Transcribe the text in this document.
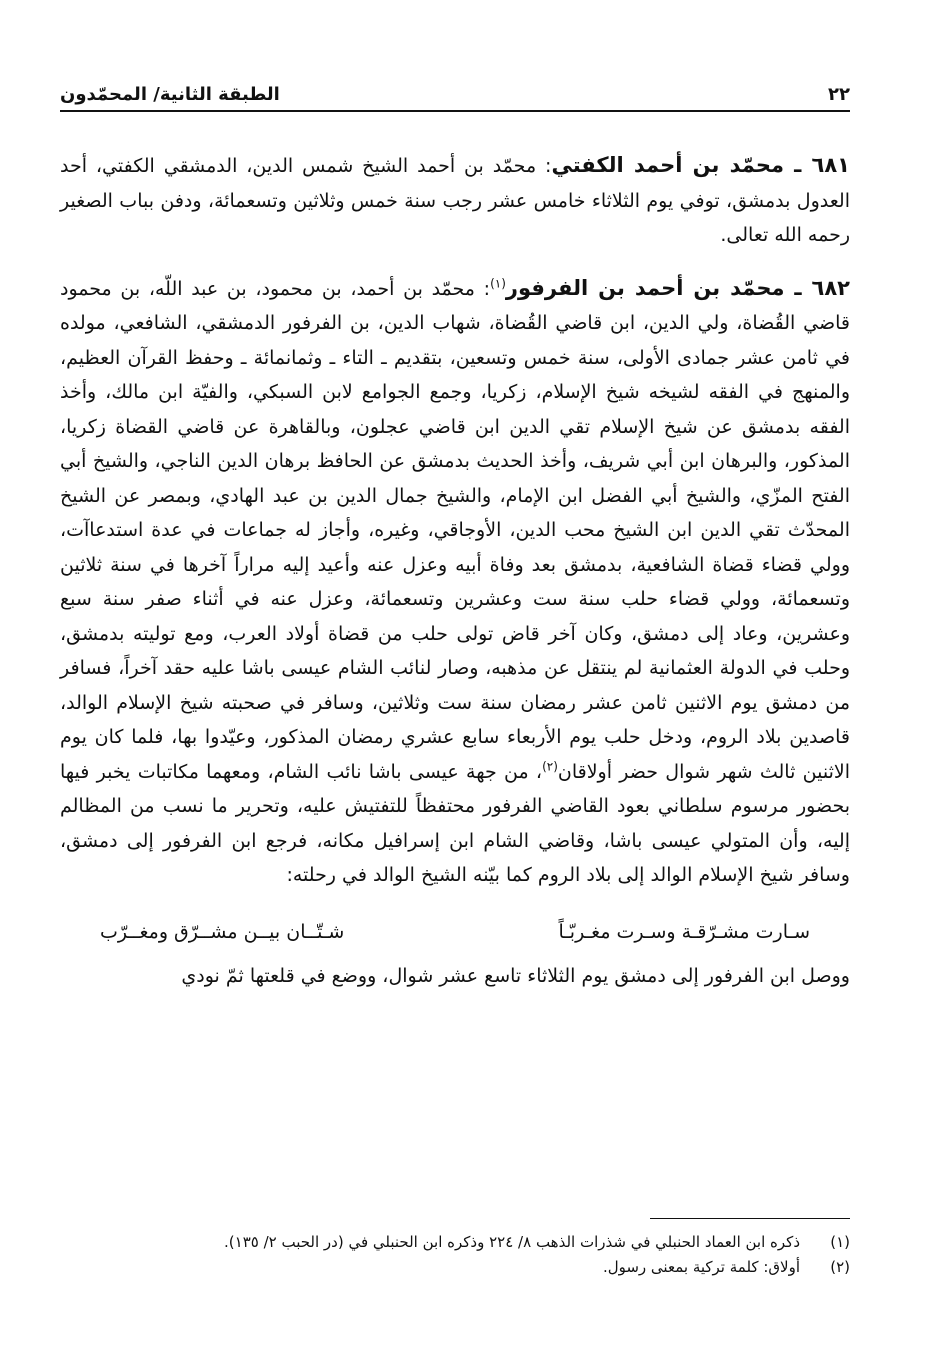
٢٢
الطبقة الثانية/ المحمّدون

٦٨١ ـ محمّد بن أحمد الكفتي: محمّد بن أحمد الشيخ شمس الدين، الدمشقي الكفتي، أحد العدول بدمشق، توفي يوم الثلاثاء خامس عشر رجب سنة خمس وثلاثين وتسعمائة، ودفن بباب الصغير رحمه الله تعالى.

٦٨٢ ـ محمّد بن أحمد بن الفرفور$^{(١)}$: محمّد بن أحمد، بن محمود، بن عبد اللّه، بن محمود قاضي القُضاة، ولي الدين، ابن قاضي القُضاة، شهاب الدين، بن الفرفور الدمشقي، الشافعي، مولده في ثامن عشر جمادى الأولى، سنة خمس وتسعين، بتقديم ـ التاء ـ وثمانمائة ـ وحفظ القرآن العظيم، والمنهج في الفقه لشيخه شيخ الإسلام، زكريا، وجمع الجوامع لابن السبكي، والفيّة ابن مالك، وأخذ الفقه بدمشق عن شيخ الإسلام تقي الدين ابن قاضي عجلون، وبالقاهرة عن قاضي القضاة زكريا، المذكور، والبرهان ابن أبي شريف، وأخذ الحديث بدمشق عن الحافظ برهان الدين الناجي، والشيخ أبي الفتح المزّي، والشيخ أبي الفضل ابن الإمام، والشيخ جمال الدين بن عبد الهادي، وبمصر عن الشيخ المحدّث تقي الدين ابن الشيخ محب الدين، الأوجاقي، وغيره، وأجاز له جماعات في عدة استدعاآت، وولي قضاء قضاة الشافعية، بدمشق بعد وفاة أبيه وعزل عنه وأعيد إليه مراراً آخرها في سنة ثلاثين وتسعمائة، وولي قضاء حلب سنة ست وعشرين وتسعمائة، وعزل عنه في أثناء صفر سنة سبع وعشرين، وعاد إلى دمشق، وكان آخر قاض تولى حلب من قضاة أولاد العرب، ومع توليته بدمشق، وحلب في الدولة العثمانية لم ينتقل عن مذهبه، وصار لنائب الشام عيسى باشا عليه حقد آخراً، فسافر من دمشق يوم الاثنين ثامن عشر رمضان سنة ست وثلاثين، وسافر في صحبته شيخ الإسلام الوالد، قاصدين بلاد الروم، ودخل حلب يوم الأربعاء سابع عشري رمضان المذكور، وعيّدوا بها، فلما كان يوم الاثنين ثالث شهر شوال حضر أولاقان$^{(٢)}$، من جهة عيسى باشا نائب الشام، ومعهما مكاتبات يخبر فيها بحضور مرسوم سلطاني بعود القاضي الفرفور محتفظاً للتفتيش عليه، وتحرير ما نسب من المظالم إليه، وأن المتولي عيسى باشا، وقاضي الشام ابن إسرافيل مكانه، فرجع ابن الفرفور إلى دمشق، وسافر شيخ الإسلام الوالد إلى بلاد الروم كما بيّنه الشيخ الوالد في رحلته:

سـارت مشـرّقـة وسـرت مغـربّـاً
شـتّــان بيــن مشــرّق ومغــرّب

ووصل ابن الفرفور إلى دمشق يوم الثلاثاء تاسع عشر شوال، ووضع في قلعتها ثمّ نودي

(١)
ذكره ابن العماد الحنبلي في شذرات الذهب ٨/ ٢٢٤ وذكره ابن الحنبلي في (در الحبب ٢/ ١٣٥).
(٢)
أولاق: كلمة تركية بمعنى رسول.
